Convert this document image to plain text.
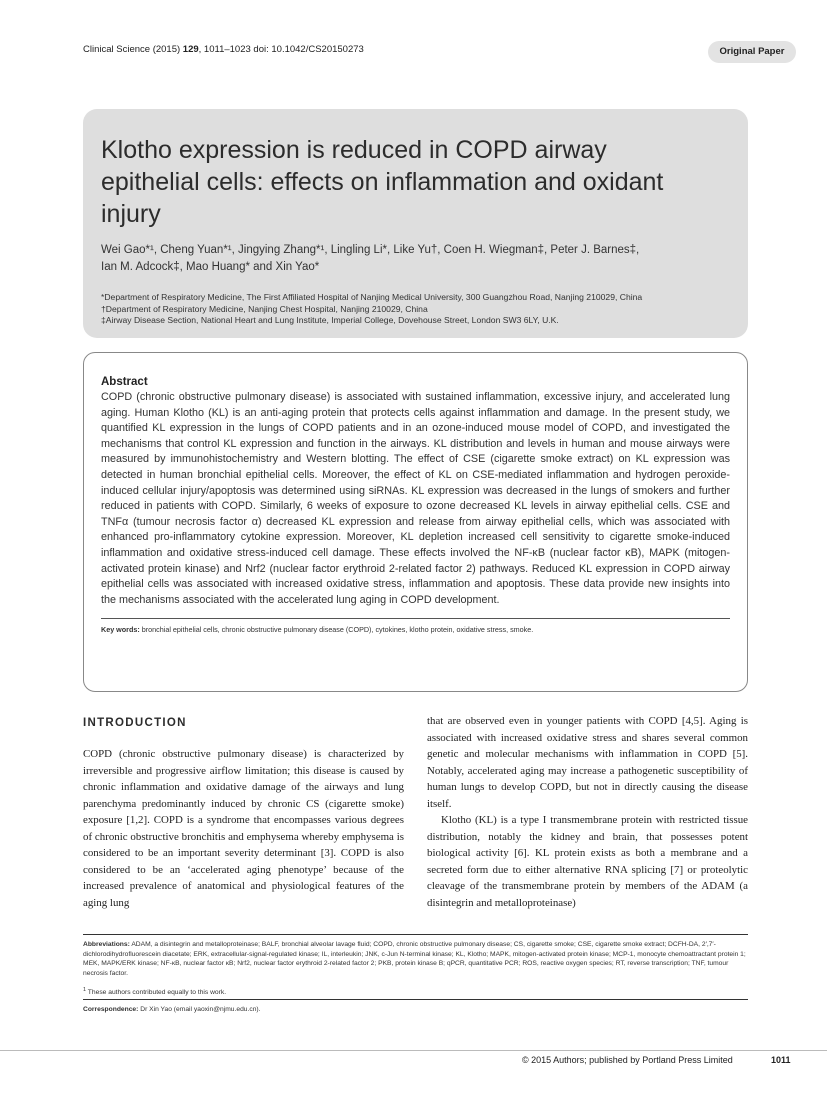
Clinical Science (2015) 129, 1011–1023 doi: 10.1042/CS20150273	Original Paper
Klotho expression is reduced in COPD airway epithelial cells: effects on inflammation and oxidant injury
Wei Gao*¹, Cheng Yuan*¹, Jingying Zhang*¹, Lingling Li*, Like Yu†, Coen H. Wiegman‡, Peter J. Barnes‡,
Ian M. Adcock‡, Mao Huang* and Xin Yao*
*Department of Respiratory Medicine, The First Affiliated Hospital of Nanjing Medical University, 300 Guangzhou Road, Nanjing 210029, China
†Department of Respiratory Medicine, Nanjing Chest Hospital, Nanjing 210029, China
‡Airway Disease Section, National Heart and Lung Institute, Imperial College, Dovehouse Street, London SW3 6LY, U.K.
Abstract

COPD (chronic obstructive pulmonary disease) is associated with sustained inflammation, excessive injury, and accelerated lung aging. Human Klotho (KL) is an anti-aging protein that protects cells against inflammation and damage. In the present study, we quantified KL expression in the lungs of COPD patients and in an ozone-induced mouse model of COPD, and investigated the mechanisms that control KL expression and function in the airways. KL distribution and levels in human and mouse airways were measured by immunohistochemistry and Western blotting. The effect of CSE (cigarette smoke extract) on KL expression was detected in human bronchial epithelial cells. Moreover, the effect of KL on CSE-mediated inflammation and hydrogen peroxide-induced cellular injury/apoptosis was determined using siRNAs. KL expression was decreased in the lungs of smokers and further reduced in patients with COPD. Similarly, 6 weeks of exposure to ozone decreased KL levels in airway epithelial cells. CSE and TNFα (tumour necrosis factor α) decreased KL expression and release from airway epithelial cells, which was associated with enhanced pro-inflammatory cytokine expression. Moreover, KL depletion increased cell sensitivity to cigarette smoke-induced inflammation and oxidative stress-induced cell damage. These effects involved the NF-κB (nuclear factor κB), MAPK (mitogen-activated protein kinase) and Nrf2 (nuclear factor erythroid 2-related factor 2) pathways. Reduced KL expression in COPD airway epithelial cells was associated with increased oxidative stress, inflammation and apoptosis. These data provide new insights into the mechanisms associated with the accelerated lung aging in COPD development.

Key words: bronchial epithelial cells, chronic obstructive pulmonary disease (COPD), cytokines, klotho protein, oxidative stress, smoke.
INTRODUCTION

COPD (chronic obstructive pulmonary disease) is characterized by irreversible and progressive airflow limitation; this disease is caused by chronic inflammation and oxidative damage of the airways and lung parenchyma predominantly induced by chronic CS (cigarette smoke) exposure [1,2]. COPD is a syndrome that encompasses various degrees of chronic obstructive bronchitis and emphysema whereby emphysema is considered to be an important severity determinant [3]. COPD is also considered to be an ‘accelerated aging phenotype’ because of the increased prevalence of anatomical and physiological features of the aging lung

that are observed even in younger patients with COPD [4,5]. Aging is associated with increased oxidative stress and shares several common genetic and molecular mechanisms with inflammation in COPD [5]. Notably, accelerated aging may increase a pathogenetic susceptibility of human lungs to develop COPD, but not in directly causing the disease itself.

Klotho (KL) is a type I transmembrane protein with restricted tissue distribution, notably the kidney and brain, that possesses potent biological activity [6]. KL protein exists as both a membrane and a secreted form due to either alternative RNA splicing [7] or proteolytic cleavage of the transmembrane protein by members of the ADAM (a disintegrin and metalloproteinase)

Abbreviations: ADAM, a disintegrin and metalloproteinase; BALF, bronchial alveolar lavage fluid; COPD, chronic obstructive pulmonary disease; CS, cigarette smoke; CSE, cigarette smoke extract; DCFH-DA, 2′,7′-dichlorodihydrofluorescein diacetate; ERK, extracellular-signal-regulated kinase; IL, interleukin; JNK, c-Jun N-terminal kinase; KL, Klotho; MAPK, mitogen-activated protein kinase; MCP-1, monocyte chemoattractant protein 1; MEK, MAPK/ERK kinase; NF-κB, nuclear factor κB; Nrf2, nuclear factor erythroid 2-related factor 2; PKB, protein kinase B; qPCR, quantitative PCR; ROS, reactive oxygen species; RT, reverse transcription; TNF, tumour necrosis factor.
$^1$ These authors contributed equally to this work.
Correspondence: Dr Xin Yao (email yaoxin@njmu.edu.cn).
© 2015 Authors; published by Portland Press Limited	1011
